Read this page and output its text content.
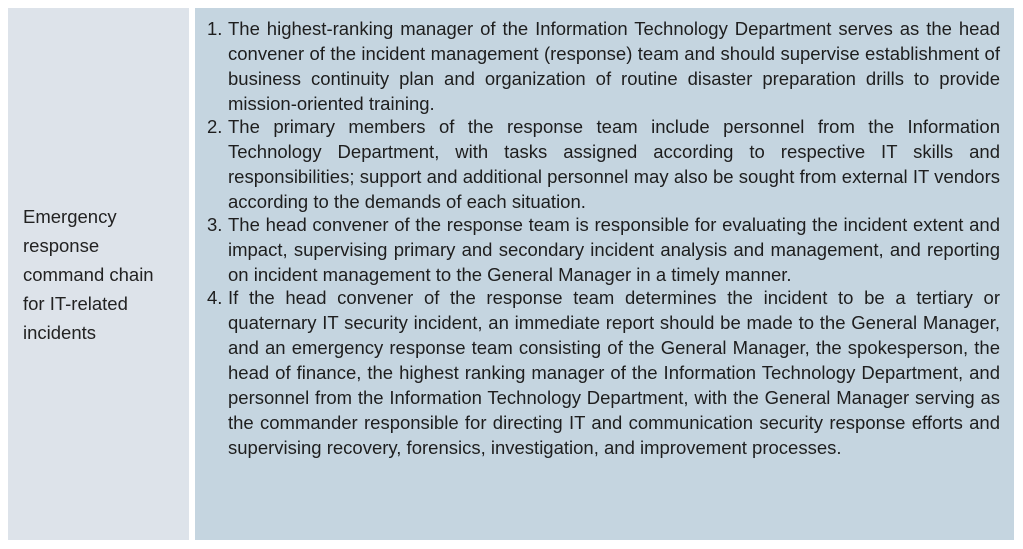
Emergency
response
command chain
for IT-related
incidents

1. The highest-ranking manager of the Information Technology Department serves as the head convener of the incident management (response) team and should supervise establishment of business continuity plan and organization of routine disaster preparation drills to provide mission-oriented training.
2. The primary members of the response team include personnel from the Information Technology Department, with tasks assigned according to respective IT skills and responsibilities; support and additional personnel may also be sought from external IT vendors according to the demands of each situation.
3. The head convener of the response team is responsible for evaluating the incident extent and impact, supervising primary and secondary incident analysis and management, and reporting on incident management to the General Manager in a timely manner.
4. If the head convener of the response team determines the incident to be a tertiary or quaternary IT security incident, an immediate report should be made to the General Manager, and an emergency response team consisting of the General Manager, the spokesperson, the head of finance, the highest ranking manager of the Information Technology Department, and personnel from the Information Technology Department, with the General Manager serving as the commander responsible for directing IT and communication security response efforts and supervising recovery, forensics, investigation, and improvement processes.
